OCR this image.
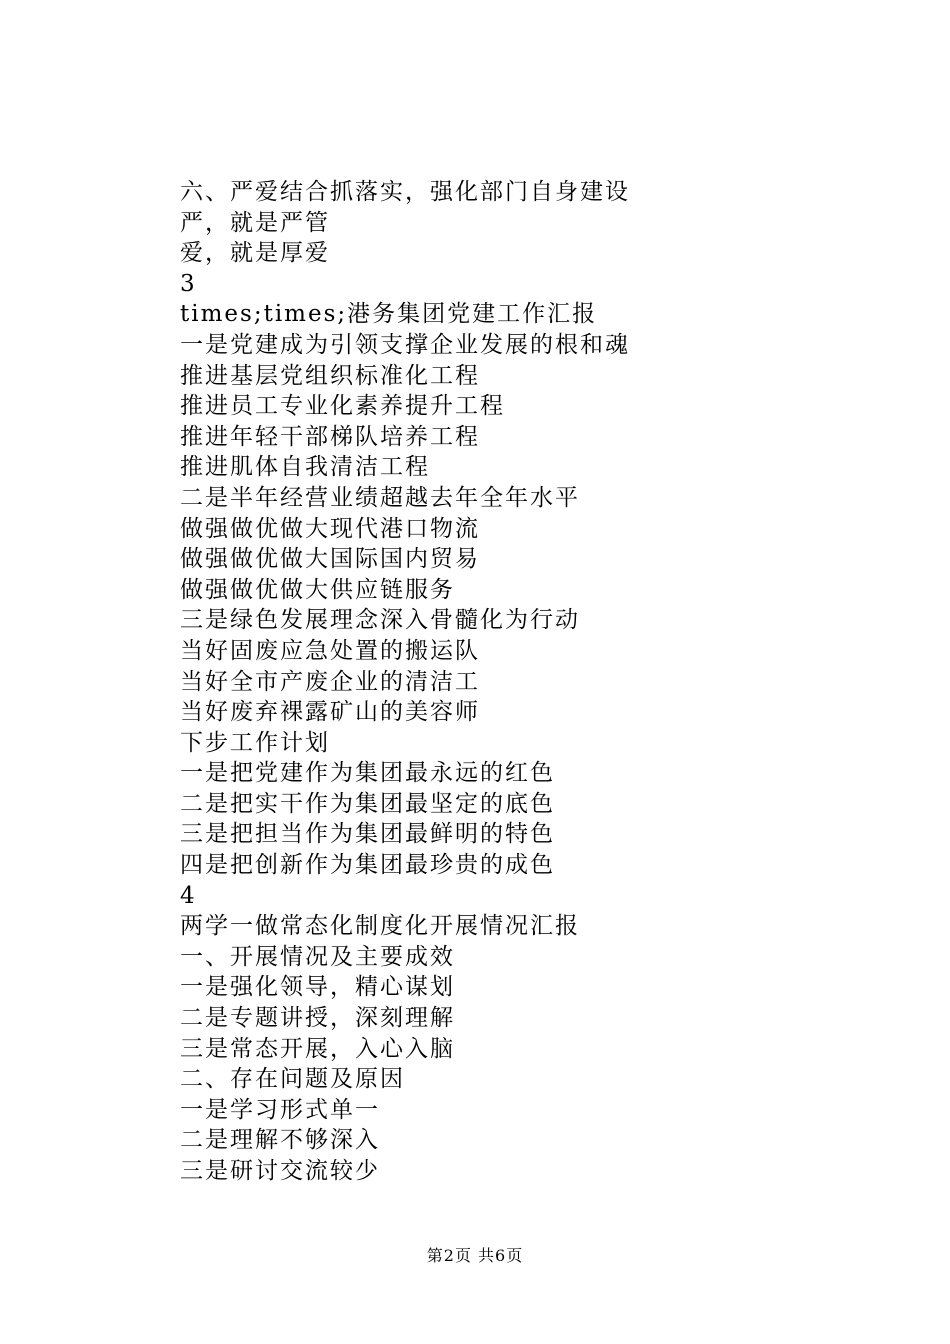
六、严爱结合抓落实，强化部门自身建设
严，就是严管
爱，就是厚爱
3
times;times;港务集团党建工作汇报
一是党建成为引领支撑企业发展的根和魂
推进基层党组织标准化工程
推进员工专业化素养提升工程
推进年轻干部梯队培养工程
推进肌体自我清洁工程
二是半年经营业绩超越去年全年水平
做强做优做大现代港口物流
做强做优做大国际国内贸易
做强做优做大供应链服务
三是绿色发展理念深入骨髓化为行动
当好固废应急处置的搬运队
当好全市产废企业的清洁工
当好废弃裸露矿山的美容师
下步工作计划
一是把党建作为集团最永远的红色
二是把实干作为集团最坚定的底色
三是把担当作为集团最鲜明的特色
四是把创新作为集团最珍贵的成色
4
两学一做常态化制度化开展情况汇报
一、开展情况及主要成效
一是强化领导，精心谋划
二是专题讲授，深刻理解
三是常态开展，入心入脑
二、存在问题及原因
一是学习形式单一
二是理解不够深入
三是研讨交流较少
第2页 共6页
